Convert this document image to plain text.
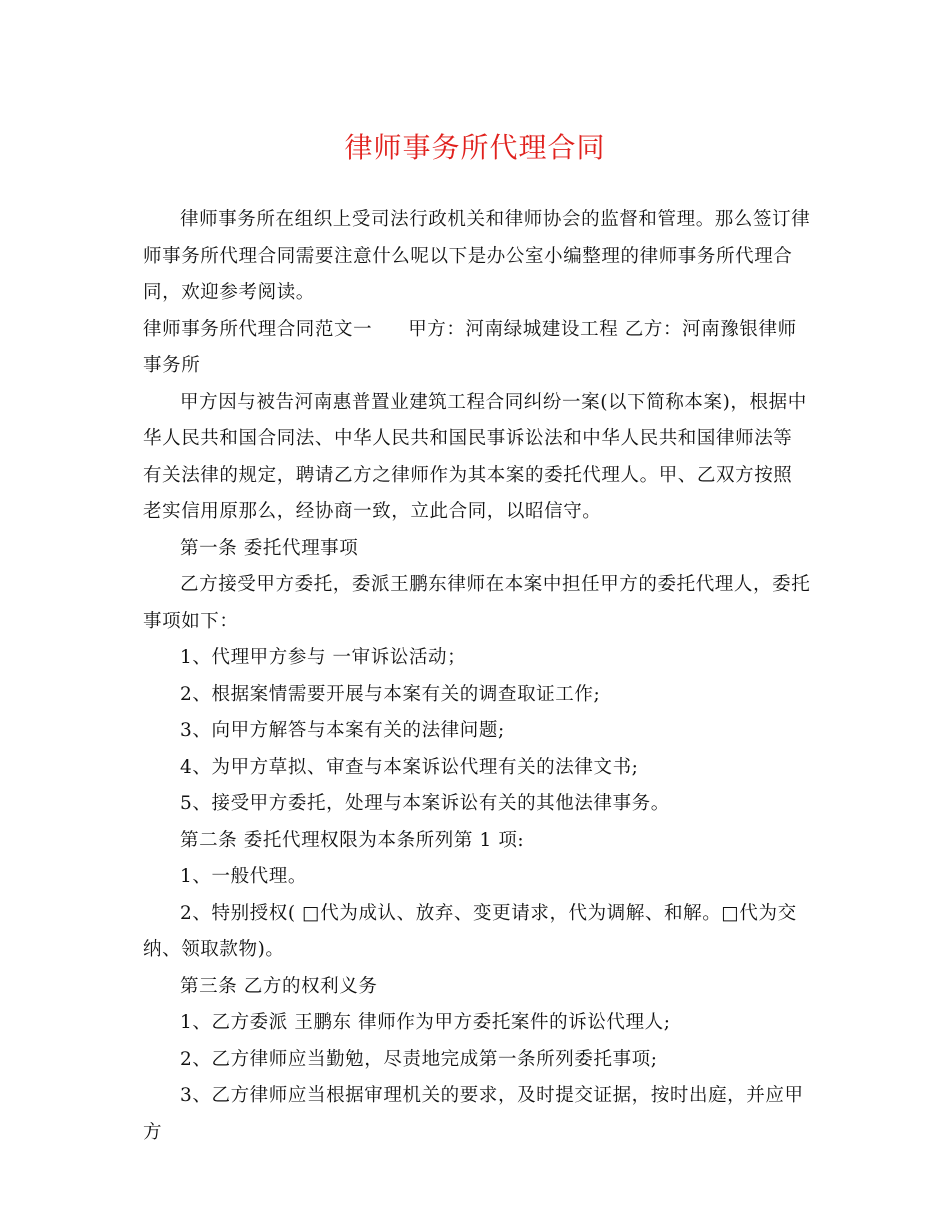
律师事务所代理合同

律师事务所在组织上受司法行政机关和律师协会的监督和管理。那么签订律师事务所代理合同需要注意什么呢以下是办公室小编整理的律师事务所代理合同，欢迎参考阅读。

律师事务所代理合同范文一 甲方：河南绿城建设工程 乙方：河南豫银律师事务所

甲方因与被告河南惠普置业建筑工程合同纠纷一案(以下简称本案)，根据中华人民共和国合同法、中华人民共和国民事诉讼法和中华人民共和国律师法等有关法律的规定，聘请乙方之律师作为其本案的委托代理人。甲、乙双方按照老实信用原那么，经协商一致，立此合同，以昭信守。

第一条 委托代理事项

乙方接受甲方委托，委派王鹏东律师在本案中担任甲方的委托代理人，委托事项如下：

1、代理甲方参与 一审诉讼活动；

2、根据案情需要开展与本案有关的调查取证工作;

3、向甲方解答与本案有关的法律问题;

4、为甲方草拟、审查与本案诉讼代理有关的法律文书;

5、接受甲方委托，处理与本案诉讼有关的其他法律事务。

第二条 委托代理权限为本条所列第 1 项:

1、一般代理。

2、特别授权( □代为成认、放弃、变更请求，代为调解、和解。□代为交纳、领取款物)。

第三条 乙方的权利义务

1、乙方委派 王鹏东 律师作为甲方委托案件的诉讼代理人;

2、乙方律师应当勤勉，尽责地完成第一条所列委托事项;

3、乙方律师应当根据审理机关的要求，及时提交证据，按时出庭，并应甲方
